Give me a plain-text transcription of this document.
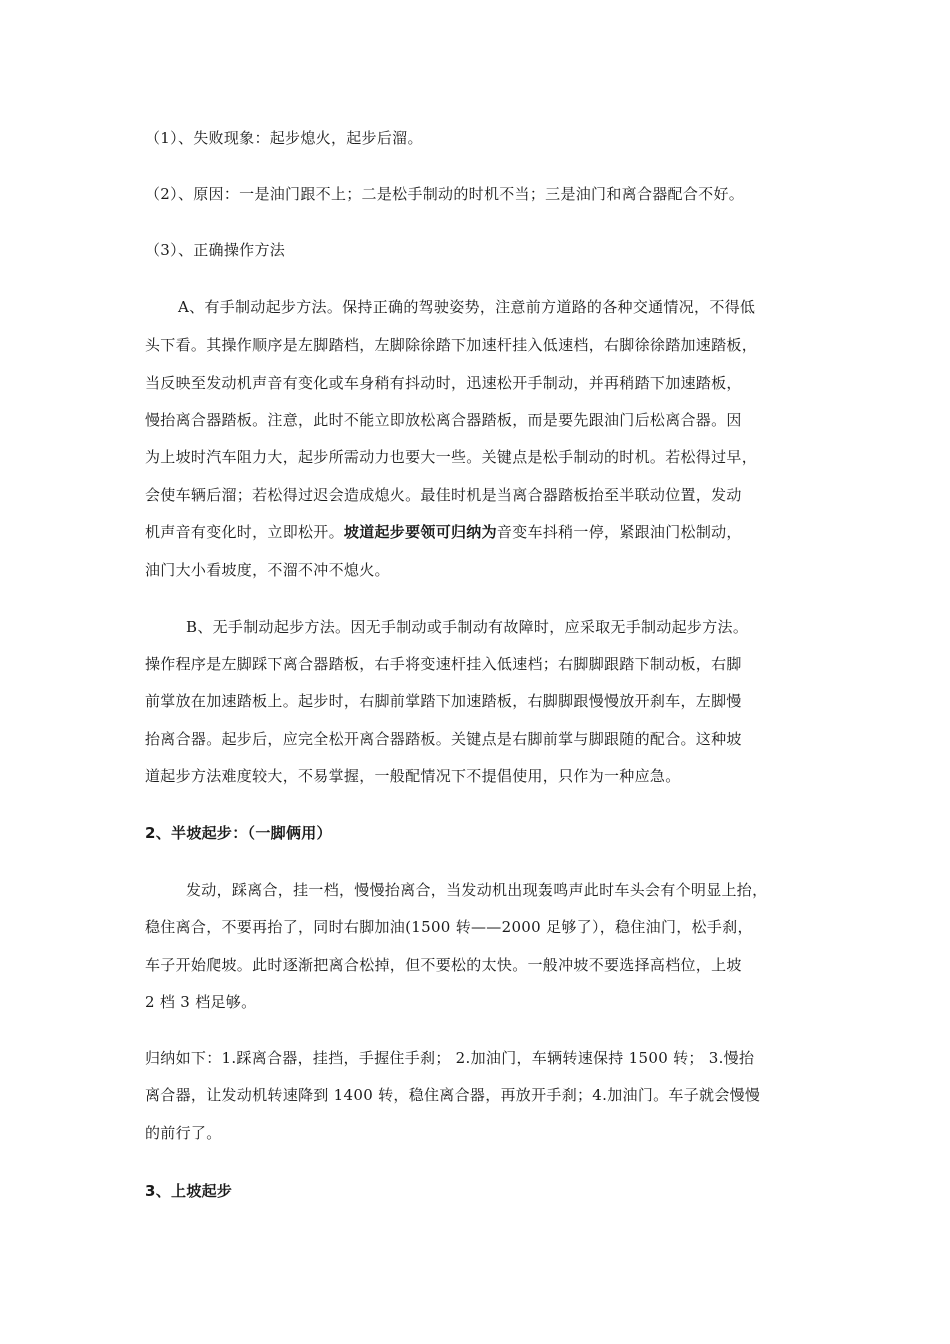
（1）、失败现象：起步熄火，起步后溜。
（2）、原因：一是油门跟不上；二是松手制动的时机不当；三是油门和离合器配合不好。
（3）、正确操作方法
A、有手制动起步方法。保持正确的驾驶姿势，注意前方道路的各种交通情况，不得低
头下看。其操作顺序是左脚踏档，左脚除徐踏下加速杆挂入低速档，右脚徐徐踏加速踏板，
当反映至发动机声音有变化或车身稍有抖动时，迅速松开手制动，并再稍踏下加速踏板，
慢抬离合器踏板。注意，此时不能立即放松离合器踏板，而是要先跟油门后松离合器。因
为上坡时汽车阻力大，起步所需动力也要大一些。关键点是松手制动的时机。若松得过早，
会使车辆后溜；若松得过迟会造成熄火。最佳时机是当离合器踏板抬至半联动位置，发动
机声音有变化时，立即松开。坡道起步要领可归纳为音变车抖稍一停，紧跟油门松制动，
油门大小看坡度，不溜不冲不熄火。
B、无手制动起步方法。因无手制动或手制动有故障时，应采取无手制动起步方法。
操作程序是左脚踩下离合器踏板，右手将变速杆挂入低速档；右脚脚跟踏下制动板，右脚
前掌放在加速踏板上。起步时，右脚前掌踏下加速踏板，右脚脚跟慢慢放开刹车，左脚慢
抬离合器。起步后，应完全松开离合器踏板。关键点是右脚前掌与脚跟随的配合。这种坡
道起步方法难度较大，不易掌握，一般配情况下不提倡使用，只作为一种应急。
2、半坡起步：（一脚俩用）
发动，踩离合，挂一档，慢慢抬离合，当发动机出现轰鸣声此时车头会有个明显上抬，
稳住离合，不要再抬了，同时右脚加油(1500 转——2000 足够了），稳住油门，松手刹，
车子开始爬坡。此时逐渐把离合松掉，但不要松的太快。一般冲坡不要选择高档位，上坡
2 档 3 档足够。
归纳如下：1.踩离合器，挂挡，手握住手刹； 2.加油门，车辆转速保持 1500 转； 3.慢抬
离合器，让发动机转速降到 1400 转，稳住离合器，再放开手刹；4.加油门。车子就会慢慢
的前行了。
3、上坡起步
